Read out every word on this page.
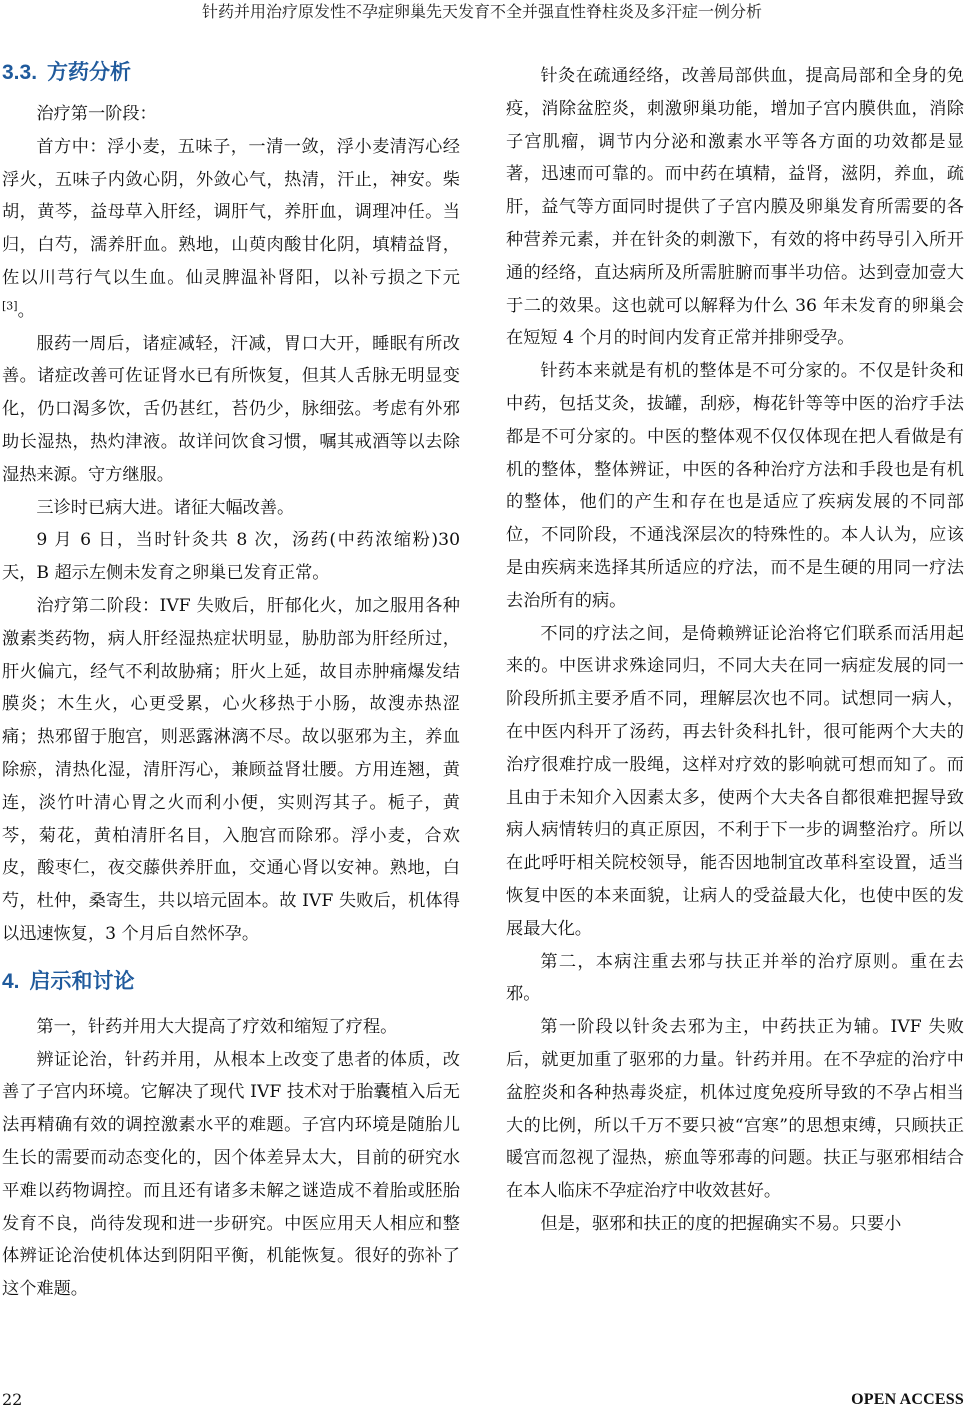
针药并用治疗原发性不孕症卵巢先天发育不全并强直性脊柱炎及多汗症一例分析
3.3. 方药分析

治疗第一阶段：

首方中：浮小麦，五味子，一清一敛，浮小麦清泻心经浮火，五味子内敛心阴，外敛心气，热清，汗止，神安。柴胡，黄芩，益母草入肝经，调肝气，养肝血，调理冲任。当归，白芍，濡养肝血。熟地，山萸肉酸甘化阴，填精益肾，佐以川芎行气以生血。仙灵脾温补肾阳，以补亏损之下元[3]。

服药一周后，诸症减轻，汗减，胃口大开，睡眠有所改善。诸症改善可佐证肾水已有所恢复，但其人舌脉无明显变化，仍口渴多饮，舌仍甚红，苔仍少，脉细弦。考虑有外邪助长湿热，热灼津液。故详问饮食习惯，嘱其戒酒等以去除湿热来源。守方继服。

三诊时已病大进。诸征大幅改善。

9 月 6 日，当时针灸共 8 次，汤药(中药浓缩粉)30 天，B 超示左侧未发育之卵巢已发育正常。

治疗第二阶段：IVF 失败后，肝郁化火，加之服用各种激素类药物，病人肝经湿热症状明显，胁肋部为肝经所过，肝火偏亢，经气不利故胁痛；肝火上延，故目赤肿痛爆发结膜炎；木生火，心更受累，心火移热于小肠，故溲赤热涩痛；热邪留于胞宫，则恶露淋漓不尽。故以驱邪为主，养血除瘀，清热化湿，清肝泻心，兼顾益肾壮腰。方用连翘，黄连，淡竹叶清心胃之火而利小便，实则泻其子。栀子，黄芩，菊花，黄柏清肝名目，入胞宫而除邪。浮小麦，合欢皮，酸枣仁，夜交藤供养肝血，交通心肾以安神。熟地，白芍，杜仲，桑寄生，共以培元固本。故 IVF 失败后，机体得以迅速恢复，3 个月后自然怀孕。

4. 启示和讨论

第一，针药并用大大提高了疗效和缩短了疗程。

辨证论治，针药并用，从根本上改变了患者的体质，改善了子宫内环境。它解决了现代 IVF 技术对于胎囊植入后无法再精确有效的调控激素水平的难题。子宫内环境是随胎儿生长的需要而动态变化的，因个体差异太大，目前的研究水平难以药物调控。而且还有诸多未解之谜造成不着胎或胚胎发育不良，尚待发现和进一步研究。中医应用天人相应和整体辨证论治使机体达到阴阳平衡，机能恢复。很好的弥补了这个难题。

针灸在疏通经络，改善局部供血，提高局部和全身的免疫，消除盆腔炎，刺激卵巢功能，增加子宫内膜供血，消除子宫肌瘤，调节内分泌和激素水平等各方面的功效都是显著，迅速而可靠的。而中药在填精，益肾，滋阴，养血，疏肝，益气等方面同时提供了子宫内膜及卵巢发育所需要的各种营养元素，并在针灸的刺激下，有效的将中药导引入所开通的经络，直达病所及所需脏腑而事半功倍。达到壹加壹大于二的效果。这也就可以解释为什么 36 年未发育的卵巢会在短短 4 个月的时间内发育正常并排卵受孕。

针药本来就是有机的整体是不可分家的。不仅是针灸和中药，包括艾灸，拔罐，刮痧，梅花针等等中医的治疗手法都是不可分家的。中医的整体观不仅仅体现在把人看做是有机的整体，整体辨证，中医的各种治疗方法和手段也是有机的整体，他们的产生和存在也是适应了疾病发展的不同部位，不同阶段，不通浅深层次的特殊性的。本人认为，应该是由疾病来选择其所适应的疗法，而不是生硬的用同一疗法去治所有的病。

不同的疗法之间，是倚赖辨证论治将它们联系而活用起来的。中医讲求殊途同归，不同大夫在同一病症发展的同一阶段所抓主要矛盾不同，理解层次也不同。试想同一病人，在中医内科开了汤药，再去针灸科扎针，很可能两个大夫的治疗很难拧成一股绳，这样对疗效的影响就可想而知了。而且由于未知介入因素太多，使两个大夫各自都很难把握导致病人病情转归的真正原因，不利于下一步的调整治疗。所以在此呼吁相关院校领导，能否因地制宜改革科室设置，适当恢复中医的本来面貌，让病人的受益最大化，也使中医的发展最大化。

第二，本病注重去邪与扶正并举的治疗原则。重在去邪。

第一阶段以针灸去邪为主，中药扶正为辅。IVF 失败后，就更加重了驱邪的力量。针药并用。在不孕症的治疗中盆腔炎和各种热毒炎症，机体过度免疫所导致的不孕占相当大的比例，所以千万不要只被“宫寒”的思想束缚，只顾扶正暖宫而忽视了湿热，瘀血等邪毒的问题。扶正与驱邪相结合在本人临床不孕症治疗中收效甚好。

但是，驱邪和扶正的度的把握确实不易。只要小

22	OPEN ACCESS
